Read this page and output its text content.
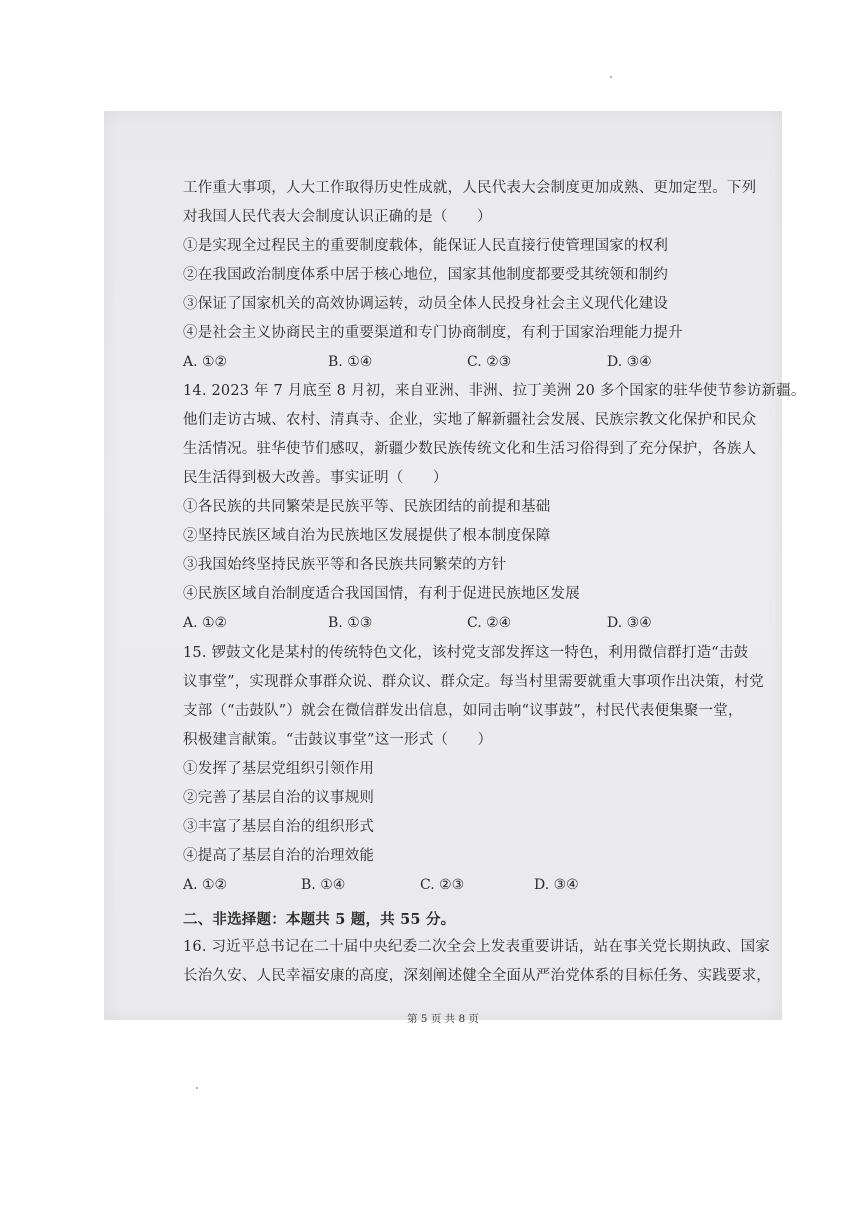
工作重大事项，人大工作取得历史性成就，人民代表大会制度更加成熟、更加定型。下列
对我国人民代表大会制度认识正确的是（　　）
①是实现全过程民主的重要制度载体，能保证人民直接行使管理国家的权利
②在我国政治制度体系中居于核心地位，国家其他制度都要受其统领和制约
③保证了国家机关的高效协调运转，动员全体人民投身社会主义现代化建设
④是社会主义协商民主的重要渠道和专门协商制度，有利于国家治理能力提升
A. ①②	B. ①④	C. ②③	D. ③④
14. 2023 年 7 月底至 8 月初，来自亚洲、非洲、拉丁美洲 20 多个国家的驻华使节参访新疆。
他们走访古城、农村、清真寺、企业，实地了解新疆社会发展、民族宗教文化保护和民众
生活情况。驻华使节们感叹，新疆少数民族传统文化和生活习俗得到了充分保护，各族人
民生活得到极大改善。事实证明（　　）
①各民族的共同繁荣是民族平等、民族团结的前提和基础
②坚持民族区域自治为民族地区发展提供了根本制度保障
③我国始终坚持民族平等和各民族共同繁荣的方针
④民族区域自治制度适合我国国情，有利于促进民族地区发展
A. ①②	B. ①③	C. ②④	D. ③④
15. 锣鼓文化是某村的传统特色文化，该村党支部发挥这一特色，利用微信群打造“击鼓
议事堂”，实现群众事群众说、群众议、群众定。每当村里需要就重大事项作出决策，村党
支部（“击鼓队”）就会在微信群发出信息，如同击响“议事鼓”，村民代表便集聚一堂，
积极建言献策。“击鼓议事堂”这一形式（　　）
①发挥了基层党组织引领作用
②完善了基层自治的议事规则
③丰富了基层自治的组织形式
④提高了基层自治的治理效能
A. ①②	B. ①④	C. ②③	D. ③④
二、非选择题：本题共 5 题，共 55 分。
16. 习近平总书记在二十届中央纪委二次全会上发表重要讲话，站在事关党长期执政、国家
长治久安、人民幸福安康的高度，深刻阐述健全全面从严治党体系的目标任务、实践要求，
第 5 页 共 8 页
